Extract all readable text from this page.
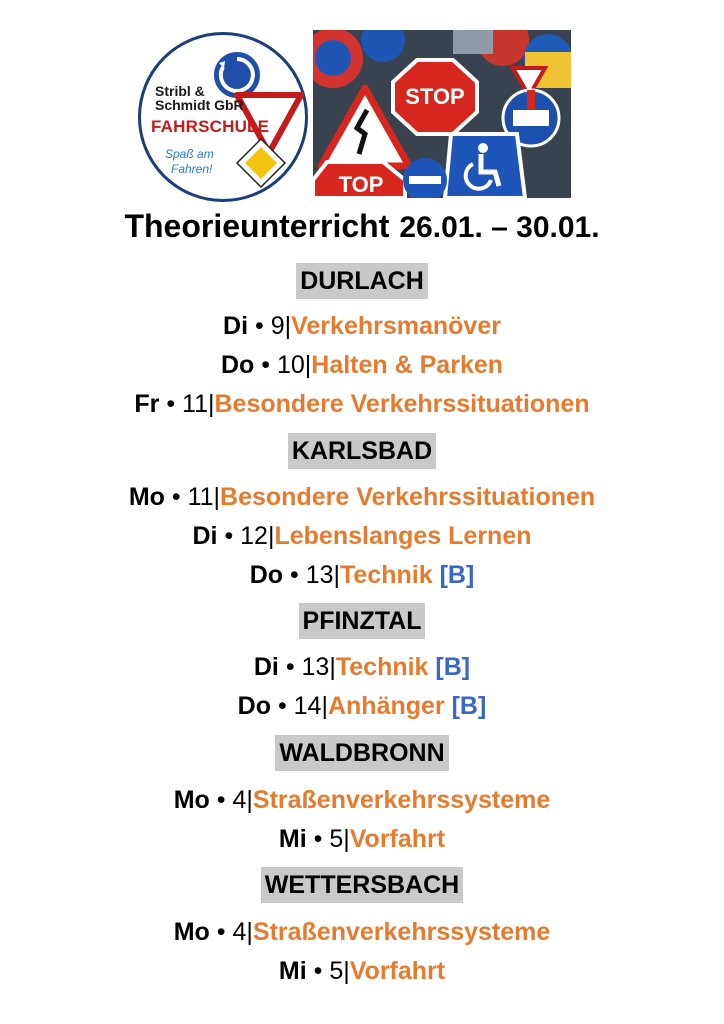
Stribl &
Schmidt GbR
FAHRSCHULE
Spaß am
Fahren!
STOP
TOP
Theorieunterricht 26.01. – 30.01.
DURLACH
Di • 9|Verkehrsmanöver
Do • 10|Halten & Parken
Fr • 11|Besondere Verkehrssituationen
KARLSBAD
Mo • 11|Besondere Verkehrssituationen
Di • 12|Lebenslanges Lernen
Do • 13|Technik [B]
PFINZTAL
Di • 13|Technik [B]
Do • 14|Anhänger [B]
WALDBRONN
Mo • 4|Straßenverkehrssysteme
Mi • 5|Vorfahrt
WETTERSBACH
Mo • 4|Straßenverkehrssysteme
Mi • 5|Vorfahrt
